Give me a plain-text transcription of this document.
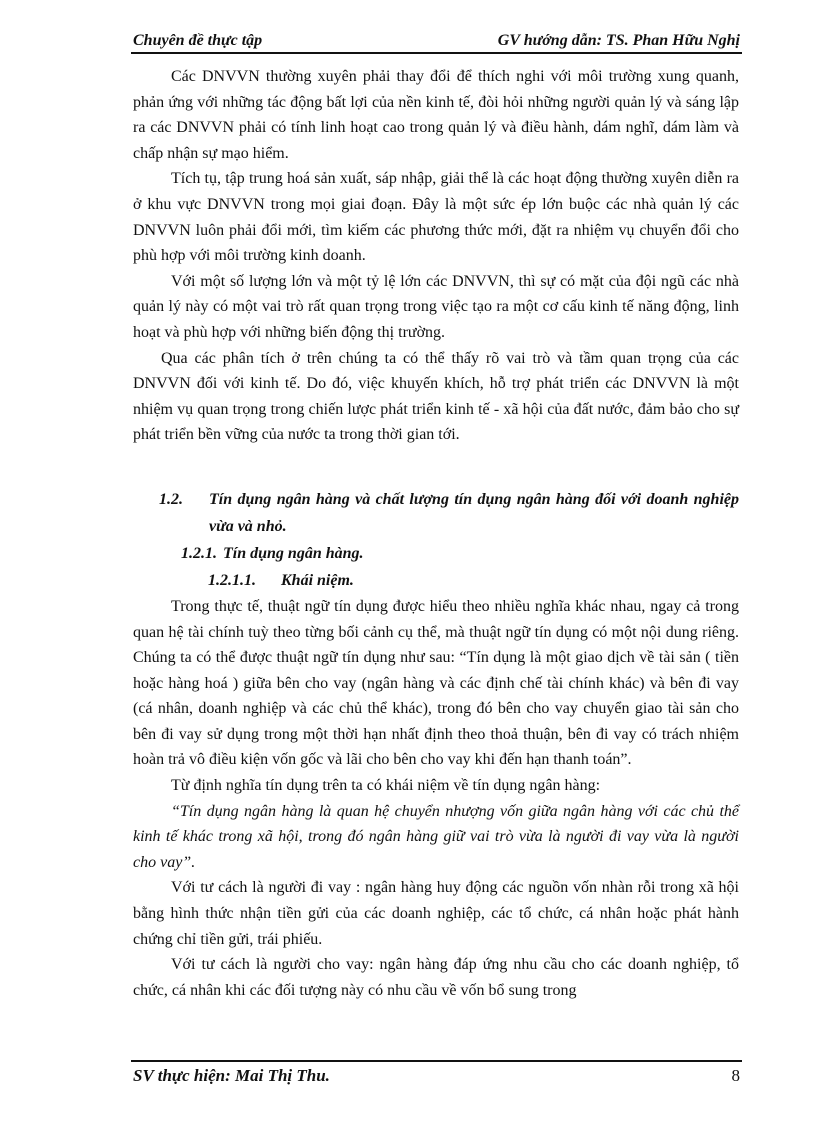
Chuyên đề thực tập	GV hướng dẫn: TS. Phan Hữu Nghị

Các DNVVN thường xuyên phải thay đổi để thích nghi với môi trường xung quanh, phản ứng với những tác động bất lợi của nền kinh tế, đòi hỏi những người quản lý và sáng lập ra các DNVVN phải có tính linh hoạt cao trong quản lý và điều hành, dám nghĩ, dám làm và chấp nhận sự mạo hiểm.

Tích tụ, tập trung hoá sản xuất, sáp nhập, giải thể là các hoạt động thường xuyên diễn ra ở khu vực DNVVN trong mọi giai đoạn. Đây là một sức ép lớn buộc các nhà quản lý các DNVVN luôn phải đổi mới, tìm kiếm các phương thức mới, đặt ra nhiệm vụ chuyển đổi cho phù hợp với môi trường kinh doanh.

Với một số lượng lớn và một tỷ lệ lớn các DNVVN, thì sự có mặt của đội ngũ các nhà quản lý này có một vai trò rất quan trọng trong việc tạo ra một cơ cấu kinh tế năng động, linh hoạt và phù hợp với những biến động thị trường.

Qua các phân tích ở trên chúng ta có thể thấy rõ vai trò và tầm quan trọng của các DNVVN đối với kinh tế. Do đó, việc khuyến khích, hỗ trợ phát triển các DNVVN là một nhiệm vụ quan trọng trong chiến lược phát triển kinh tế - xã hội của đất nước, đảm bảo cho sự phát triển bền vững của nước ta trong thời gian tới.

1.2.	Tín dụng ngân hàng và chất lượng tín dụng ngân hàng đối với doanh nghiệp vừa và nhỏ.
1.2.1. Tín dụng ngân hàng.
1.2.1.1. Khái niệm.

Trong thực tế, thuật ngữ tín dụng được hiểu theo nhiều nghĩa khác nhau, ngay cả trong quan hệ tài chính tuỳ theo từng bối cảnh cụ thể, mà thuật ngữ tín dụng có một nội dung riêng. Chúng ta có thể được thuật ngữ tín dụng như sau: “Tín dụng là một giao dịch về tài sản ( tiền hoặc hàng hoá ) giữa bên cho vay (ngân hàng và các định chế tài chính khác) và bên đi vay (cá nhân, doanh nghiệp và các chủ thể khác), trong đó bên cho vay chuyển giao tài sản cho bên đi vay sử dụng trong một thời hạn nhất định theo thoả thuận, bên đi vay có trách nhiệm hoàn trả vô điều kiện vốn gốc và lãi cho bên cho vay khi đến hạn thanh toán”.

Từ định nghĩa tín dụng trên ta có khái niệm về tín dụng ngân hàng:

“Tín dụng ngân hàng là quan hệ chuyển nhượng vốn giữa ngân hàng với các chủ thể kinh tế khác trong xã hội, trong đó ngân hàng giữ vai trò vừa là người đi vay vừa là người cho vay”.

Với tư cách là người đi vay : ngân hàng huy động các nguồn vốn nhàn rỗi trong xã hội bằng hình thức nhận tiền gửi của các doanh nghiệp, các tổ chức, cá nhân hoặc phát hành chứng chỉ tiền gửi, trái phiếu.

Với tư cách là người cho vay: ngân hàng đáp ứng nhu cầu cho các doanh nghiệp, tổ chức, cá nhân khi các đối tượng này có nhu cầu về vốn bổ sung trong

SV thực hiện: Mai Thị Thu.	8
